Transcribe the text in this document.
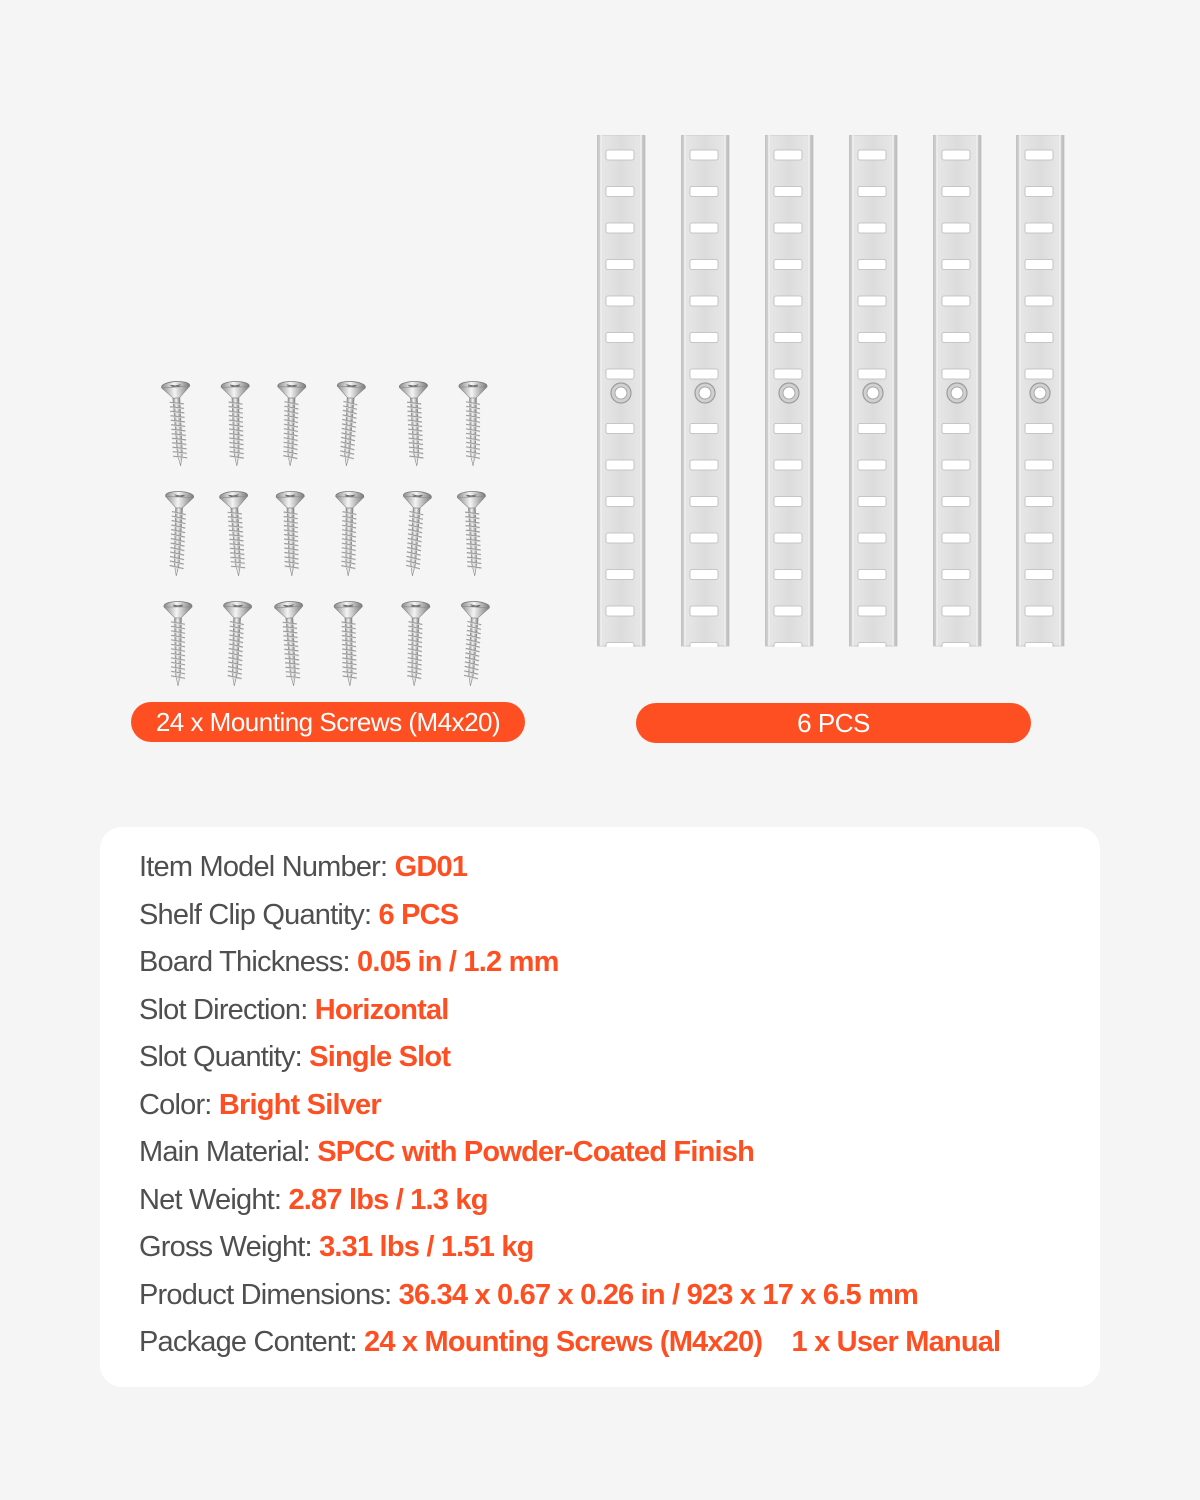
24 x Mounting Screws (M4x20)	6 PCS
Item Model Number: GD01
Shelf Clip Quantity: 6 PCS
Board Thickness: 0.05 in / 1.2 mm
Slot Direction: Horizontal
Slot Quantity: Single Slot
Color: Bright Silver
Main Material: SPCC with Powder-Coated Finish
Net Weight: 2.87 lbs / 1.3 kg
Gross Weight: 3.31 lbs / 1.51 kg
Product Dimensions: 36.34 x 0.67 x 0.26 in / 923 x 17 x 6.5 mm
Package Content: 24 x Mounting Screws (M4x20) 1 x User Manual
